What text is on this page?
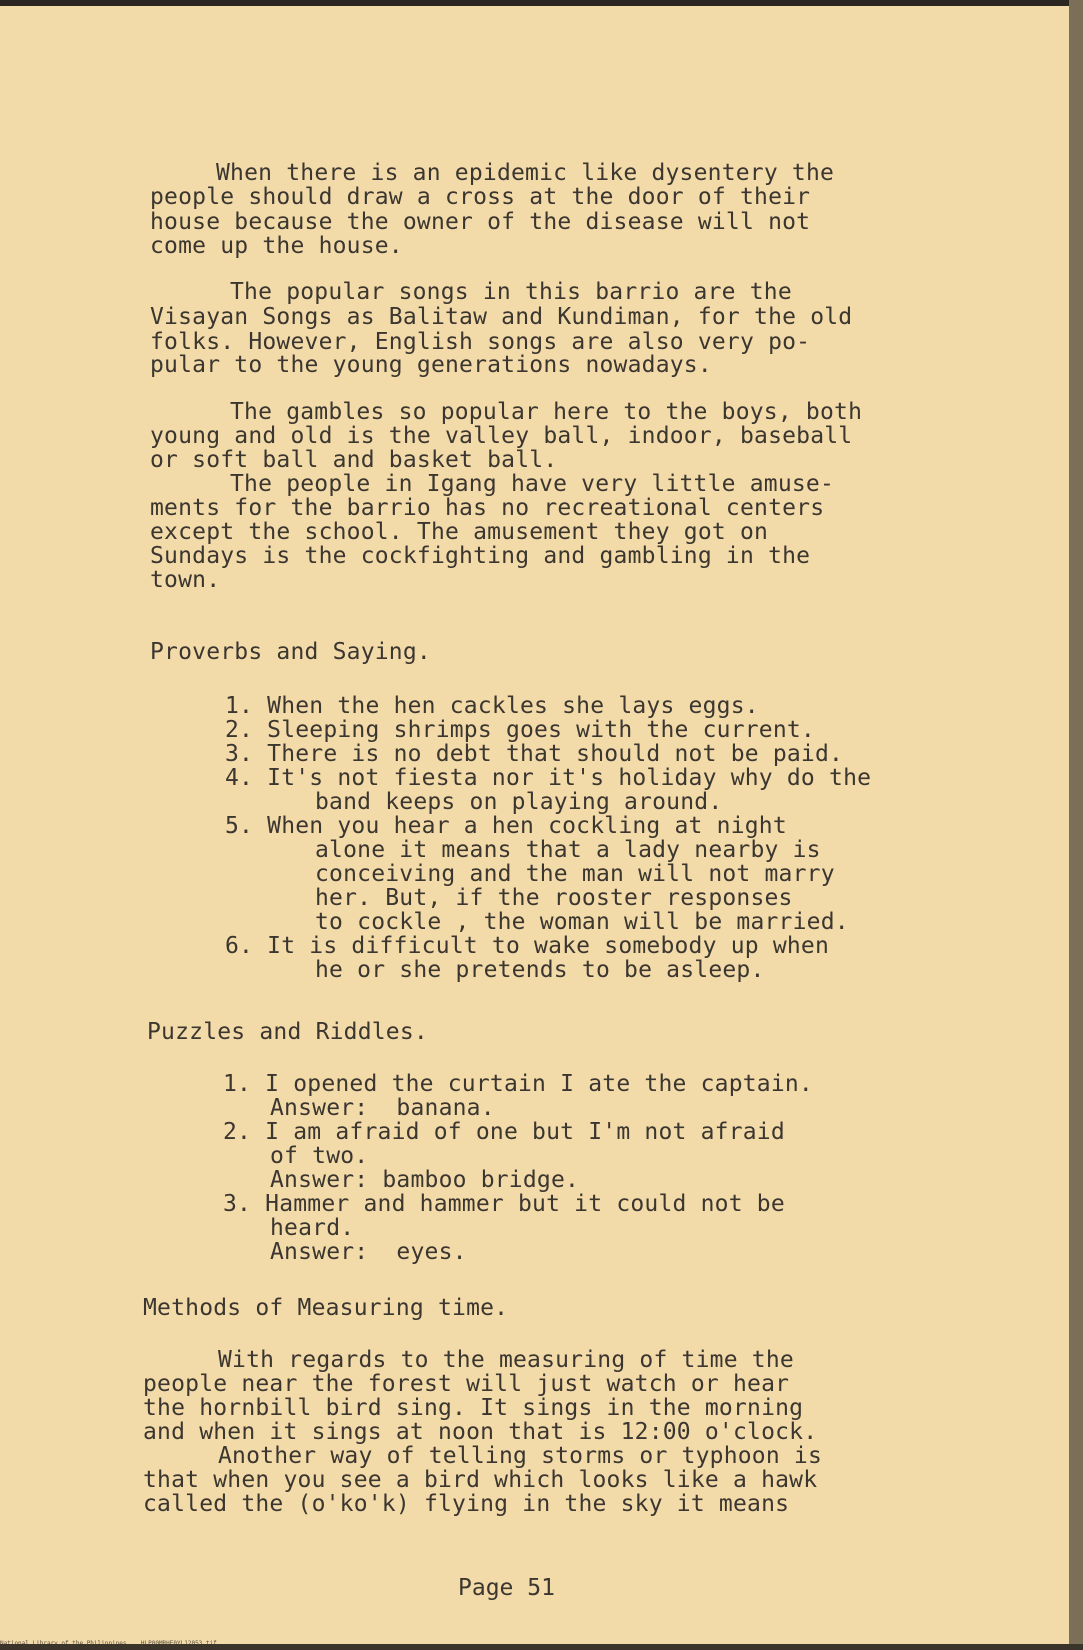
When there is an epidemic like dysentery the
people should draw a cross at the door of their
house because the owner of the disease will not
come up the house.
The popular songs in this barrio are the
Visayan Songs as Balitaw and Kundiman, for the old
folks. However, English songs are also very po-
pular to the young generations nowadays.
The gambles so popular here to the boys, both
young and old is the valley ball, indoor, baseball
or soft ball and basket ball.
The people in Igang have very little amuse-
ments for the barrio has no recreational centers
except the school. The amusement they got on
Sundays is the cockfighting and gambling in the
town.
Proverbs and Saying.
1. When the hen cackles she lays eggs.
2. Sleeping shrimps goes with the current.
3. There is no debt that should not be paid.
4. It's not fiesta nor it's holiday why do the
band keeps on playing around.
5. When you hear a hen cockling at night
alone it means that a lady nearby is
conceiving and the man will not marry
her. But, if the rooster responses
to cockle , the woman will be married.
6. It is difficult to wake somebody up when
he or she pretends to be asleep.
Puzzles and Riddles.
1. I opened the curtain I ate the captain.
Answer:  banana.
2. I am afraid of one but I'm not afraid
of two.
Answer: bamboo bridge.
3. Hammer and hammer but it could not be
heard.
Answer:  eyes.
Methods of Measuring time.
With regards to the measuring of time the
people near the forest will just watch or hear
the hornbill bird sing. It sings in the morning
and when it sings at noon that is 12:00 o'clock.
Another way of telling storms or typhoon is
that when you see a bird which looks like a hawk
called the (o'ko'k) flying in the sky it means
Page 51
